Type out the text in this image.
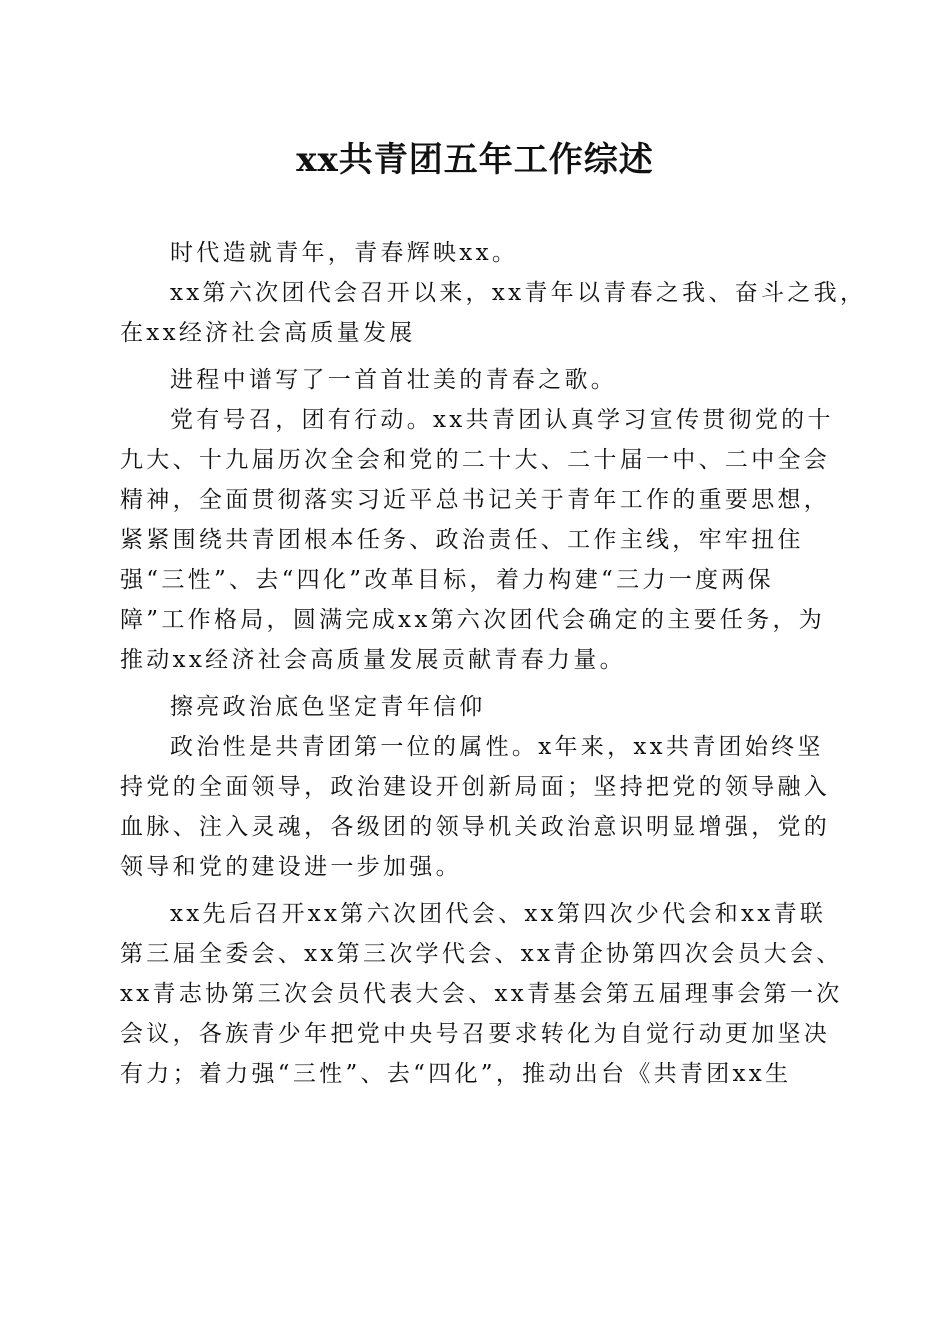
xx共青团五年工作综述

时代造就青年，青春辉映xx。

xx第六次团代会召开以来，xx青年以青春之我、奋斗之我，

在xx经济社会高质量发展

进程中谱写了一首首壮美的青春之歌。

党有号召，团有行动。xx共青团认真学习宣传贯彻党的十

九大、十九届历次全会和党的二十大、二十届一中、二中全会

精神，全面贯彻落实习近平总书记关于青年工作的重要思想，

紧紧围绕共青团根本任务、政治责任、工作主线，牢牢扭住

强“三性”、去“四化”改革目标，着力构建“三力一度两保

障”工作格局，圆满完成xx第六次团代会确定的主要任务，为

推动xx经济社会高质量发展贡献青春力量。

擦亮政治底色坚定青年信仰

政治性是共青团第一位的属性。x年来，xx共青团始终坚

持党的全面领导，政治建设开创新局面；坚持把党的领导融入

血脉、注入灵魂，各级团的领导机关政治意识明显增强，党的

领导和党的建设进一步加强。

xx先后召开xx第六次团代会、xx第四次少代会和xx青联

第三届全委会、xx第三次学代会、xx青企协第四次会员大会、

xx青志协第三次会员代表大会、xx青基会第五届理事会第一次

会议，各族青少年把党中央号召要求转化为自觉行动更加坚决

有力；着力强“三性”、去“四化”，推动出台《共青团xx生
